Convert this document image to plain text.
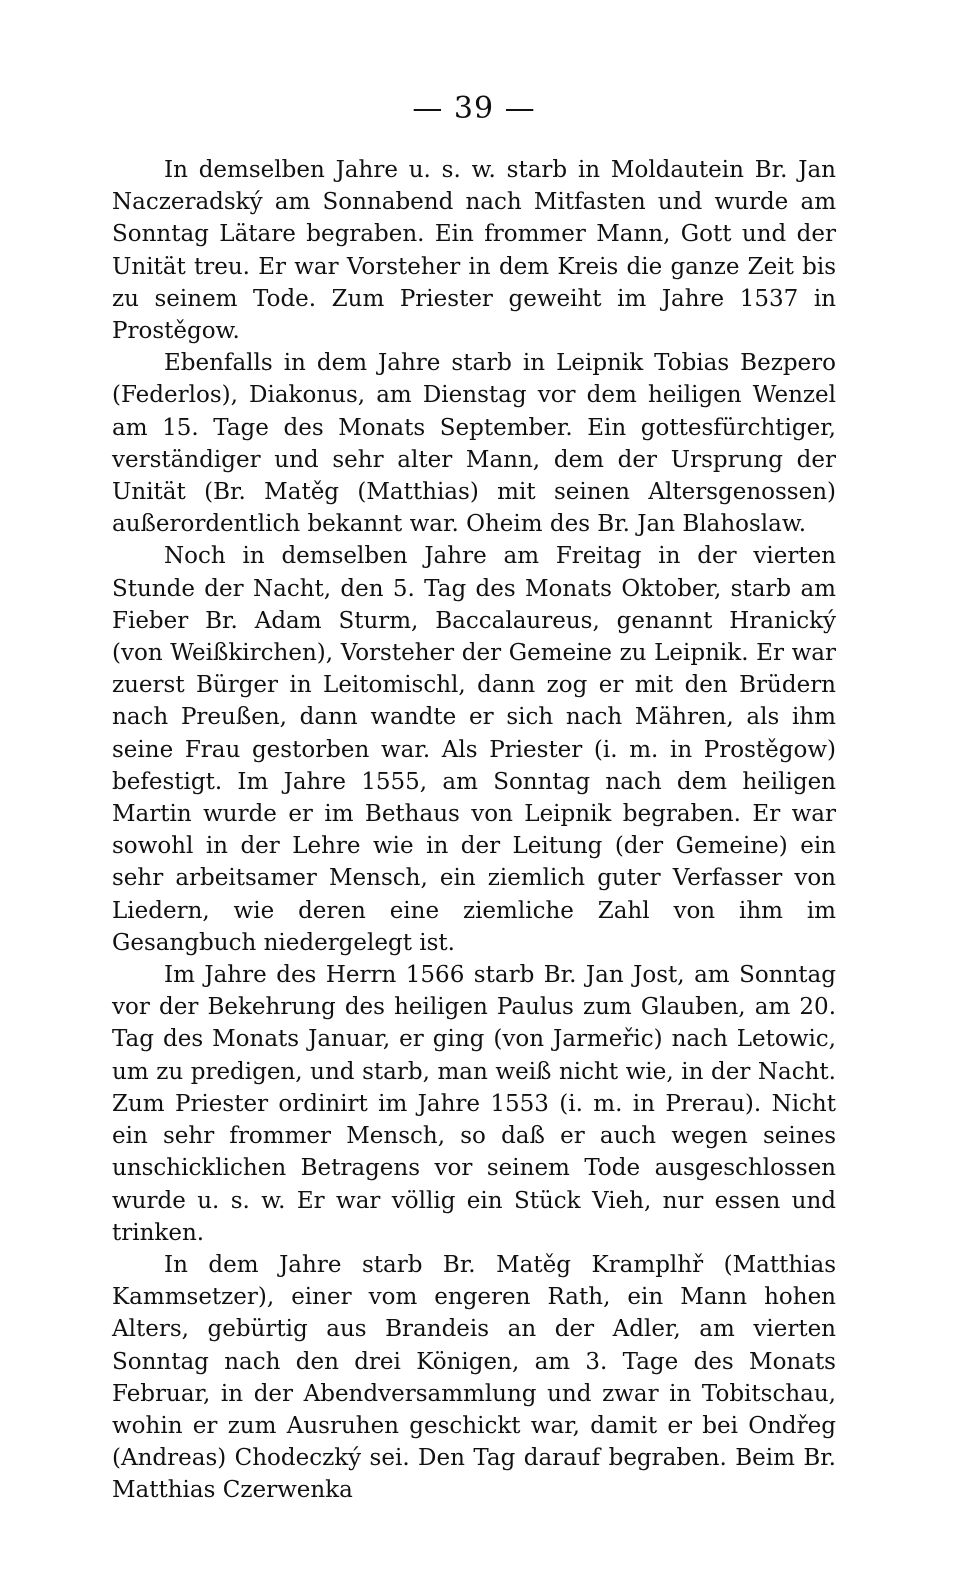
— 39 —

In demselben Jahre u. s. w. starb in Moldautein Br. Jan Naczeradský am Sonnabend nach Mitfasten und wurde am Sonntag Lätare begraben. Ein frommer Mann, Gott und der Unität treu. Er war Vorsteher in dem Kreis die ganze Zeit bis zu seinem Tode. Zum Priester geweiht im Jahre 1537 in Prostěgow.

Ebenfalls in dem Jahre starb in Leipnik Tobias Bezpero (Federlos), Diakonus, am Dienstag vor dem heiligen Wenzel am 15. Tage des Monats September. Ein gottesfürchtiger, verständiger und sehr alter Mann, dem der Ursprung der Unität (Br. Matěg (Matthias) mit seinen Altersgenossen) außerordentlich bekannt war. Oheim des Br. Jan Blahoslaw.

Noch in demselben Jahre am Freitag in der vierten Stunde der Nacht, den 5. Tag des Monats Oktober, starb am Fieber Br. Adam Sturm, Baccalaureus, genannt Hranický (von Weißkirchen), Vorsteher der Gemeine zu Leipnik. Er war zuerst Bürger in Leitomischl, dann zog er mit den Brüdern nach Preußen, dann wandte er sich nach Mähren, als ihm seine Frau gestorben war. Als Priester (i. m. in Prostěgow) befestigt. Im Jahre 1555, am Sonntag nach dem heiligen Martin wurde er im Bethaus von Leipnik begraben. Er war sowohl in der Lehre wie in der Leitung (der Gemeine) ein sehr arbeitsamer Mensch, ein ziemlich guter Verfasser von Liedern, wie deren eine ziemliche Zahl von ihm im Gesangbuch niedergelegt ist.

Im Jahre des Herrn 1566 starb Br. Jan Jost, am Sonntag vor der Bekehrung des heiligen Paulus zum Glauben, am 20. Tag des Monats Januar, er ging (von Jarmeřic) nach Letowic, um zu predigen, und starb, man weiß nicht wie, in der Nacht. Zum Priester ordinirt im Jahre 1553 (i. m. in Prerau). Nicht ein sehr frommer Mensch, so daß er auch wegen seines unschicklichen Betragens vor seinem Tode ausgeschlossen wurde u. s. w. Er war völlig ein Stück Vieh, nur essen und trinken.

In dem Jahre starb Br. Matěg Kramplhř (Matthias Kammsetzer), einer vom engeren Rath, ein Mann hohen Alters, gebürtig aus Brandeis an der Adler, am vierten Sonntag nach den drei Königen, am 3. Tage des Monats Februar, in der Abendversammlung und zwar in Tobitschau, wohin er zum Ausruhen geschickt war, damit er bei Ondřeg (Andreas) Chodeczký sei. Den Tag darauf begraben. Beim Br. Matthias Czerwenka
